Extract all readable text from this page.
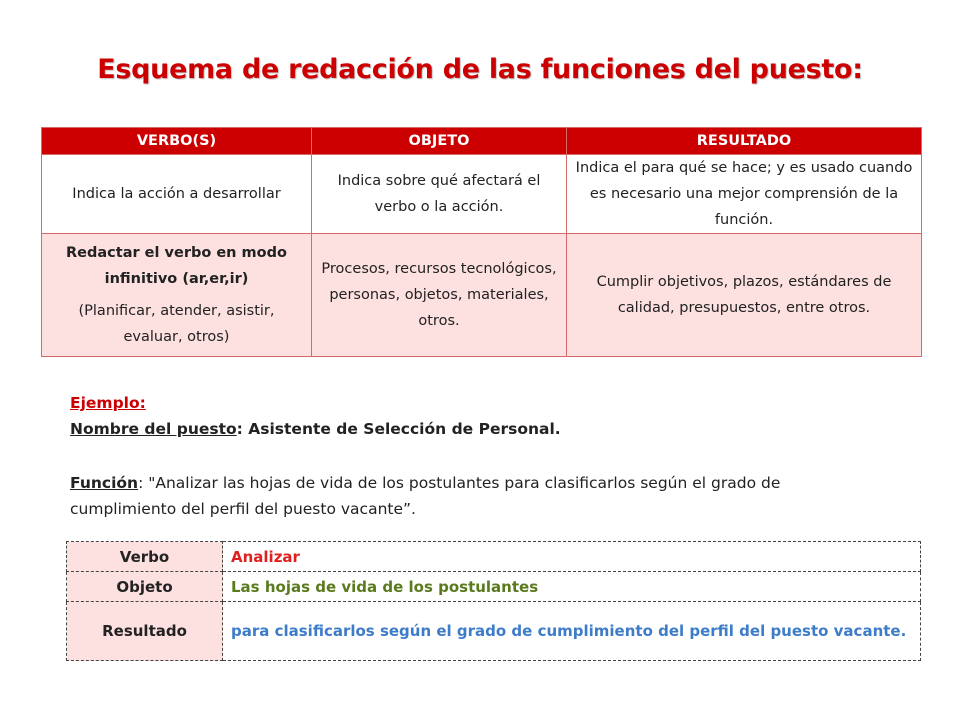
Esquema de redacción de las funciones del puesto:
VERBO(S)	OBJETO	RESULTADO
Indica la acción a desarrollar	Indica sobre qué afectará el verbo o la acción.	Indica el para qué se hace; y es usado cuando es necesario una mejor comprensión de la función.
Redactar el verbo en modo infinitivo (ar,er,ir)
(Planificar, atender, asistir, evaluar, otros)	Procesos, recursos tecnológicos, personas, objetos, materiales, otros.	Cumplir objetivos, plazos, estándares de calidad, presupuestos, entre otros.
Ejemplo:
Nombre del puesto: Asistente de Selección de Personal.
Función: "Analizar las hojas de vida de los postulantes para clasificarlos según el grado de cumplimiento del perfil del puesto vacante”.
Verbo	Analizar
Objeto	Las hojas de vida de los postulantes
Resultado	para clasificarlos según el grado de cumplimiento del perfil del puesto vacante.
